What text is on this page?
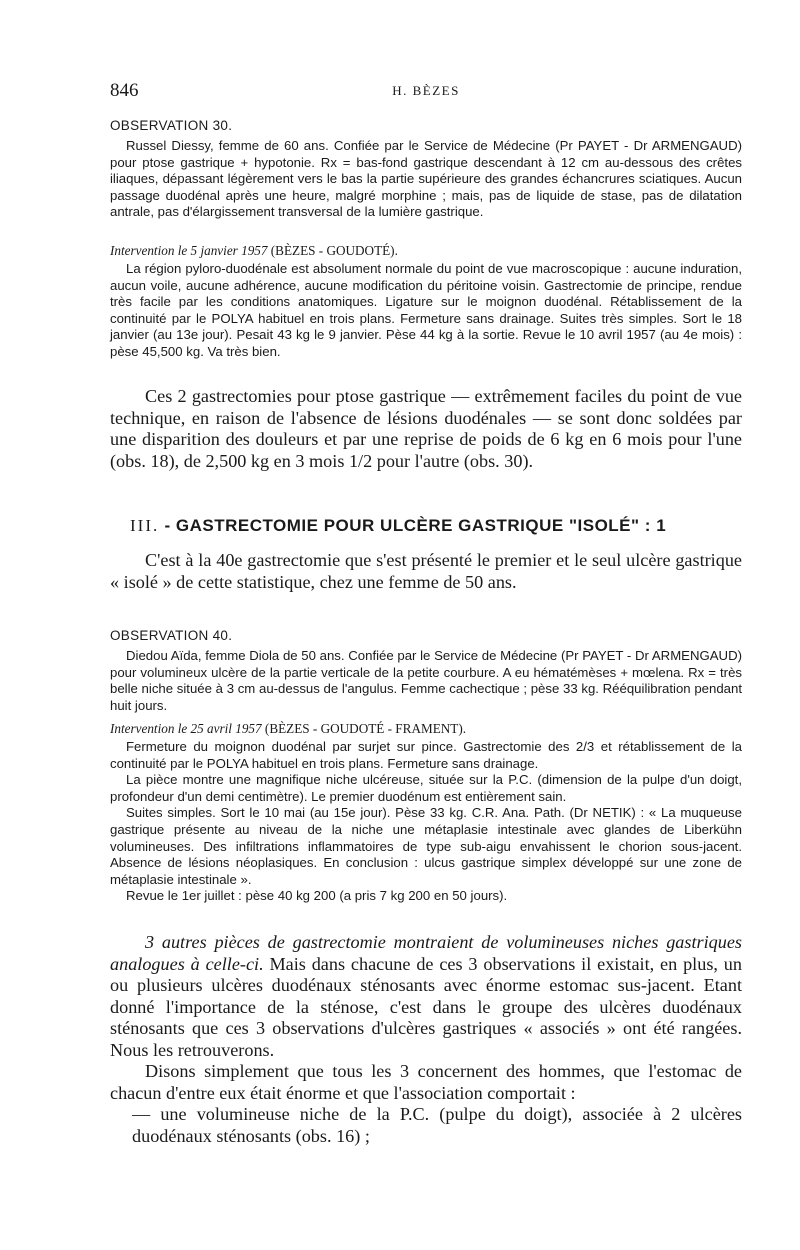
846	H. BÈZES
OBSERVATION 30.

Russel Diessy, femme de 60 ans. Confiée par le Service de Médecine (Pr PAYET - Dr ARMENGAUD) pour ptose gastrique + hypotonie. Rx = bas-fond gastrique descendant à 12 cm au-dessous des crêtes iliaques, dépassant légèrement vers le bas la partie supérieure des grandes échancrures sciatiques. Aucun passage duodénal après une heure, malgré morphine ; mais, pas de liquide de stase, pas de dilatation antrale, pas d'élargissement transversal de la lumière gastrique.

Intervention le 5 janvier 1957 (BÈZES - GOUDOTÉ).

La région pyloro-duodénale est absolument normale du point de vue macroscopique : aucune induration, aucun voile, aucune adhérence, aucune modification du péritoine voisin. Gastrectomie de principe, rendue très facile par les conditions anatomiques. Ligature sur le moignon duodénal. Rétablissement de la continuité par le POLYA habituel en trois plans. Fermeture sans drainage. Suites très simples. Sort le 18 janvier (au 13e jour). Pesait 43 kg le 9 janvier. Pèse 44 kg à la sortie. Revue le 10 avril 1957 (au 4e mois) : pèse 45,500 kg. Va très bien.

Ces 2 gastrectomies pour ptose gastrique — extrêmement faciles du point de vue technique, en raison de l'absence de lésions duodénales — se sont donc soldées par une disparition des douleurs et par une reprise de poids de 6 kg en 6 mois pour l'une (obs. 18), de 2,500 kg en 3 mois 1/2 pour l'autre (obs. 30).

III. - GASTRECTOMIE POUR ULCÈRE GASTRIQUE "ISOLÉ" : 1

C'est à la 40e gastrectomie que s'est présenté le premier et le seul ulcère gastrique « isolé » de cette statistique, chez une femme de 50 ans.

OBSERVATION 40.

Diedou Aïda, femme Diola de 50 ans. Confiée par le Service de Médecine (Pr PAYET - Dr ARMENGAUD) pour volumineux ulcère de la partie verticale de la petite courbure. A eu hématémèses + mœlena. Rx = très belle niche située à 3 cm au-dessus de l'angulus. Femme cachectique ; pèse 33 kg. Rééquilibration pendant huit jours.

Intervention le 25 avril 1957 (BÈZES - GOUDOTÉ - FRAMENT).

Fermeture du moignon duodénal par surjet sur pince. Gastrectomie des 2/3 et rétablissement de la continuité par le POLYA habituel en trois plans. Fermeture sans drainage.

La pièce montre une magnifique niche ulcéreuse, située sur la P.C. (dimension de la pulpe d'un doigt, profondeur d'un demi centimètre). Le premier duodénum est entièrement sain.

Suites simples. Sort le 10 mai (au 15e jour). Pèse 33 kg. C.R. Ana. Path. (Dr NETIK) : « La muqueuse gastrique présente au niveau de la niche une métaplasie intestinale avec glandes de Liberkühn volumineuses. Des infiltrations inflammatoires de type sub-aigu envahissent le chorion sous-jacent. Absence de lésions néoplasiques. En conclusion : ulcus gastrique simplex développé sur une zone de métaplasie intestinale ».

Revue le 1er juillet : pèse 40 kg 200 (a pris 7 kg 200 en 50 jours).

3 autres pièces de gastrectomie montraient de volumineuses niches gastriques analogues à celle-ci. Mais dans chacune de ces 3 observations il existait, en plus, un ou plusieurs ulcères duodénaux sténosants avec énorme estomac sus-jacent. Etant donné l'importance de la sténose, c'est dans le groupe des ulcères duodénaux sténosants que ces 3 observations d'ulcères gastriques « associés » ont été rangées. Nous les retrouverons.

Disons simplement que tous les 3 concernent des hommes, que l'estomac de chacun d'entre eux était énorme et que l'association comportait :

— une volumineuse niche de la P.C. (pulpe du doigt), associée à 2 ulcères duodénaux sténosants (obs. 16) ;
